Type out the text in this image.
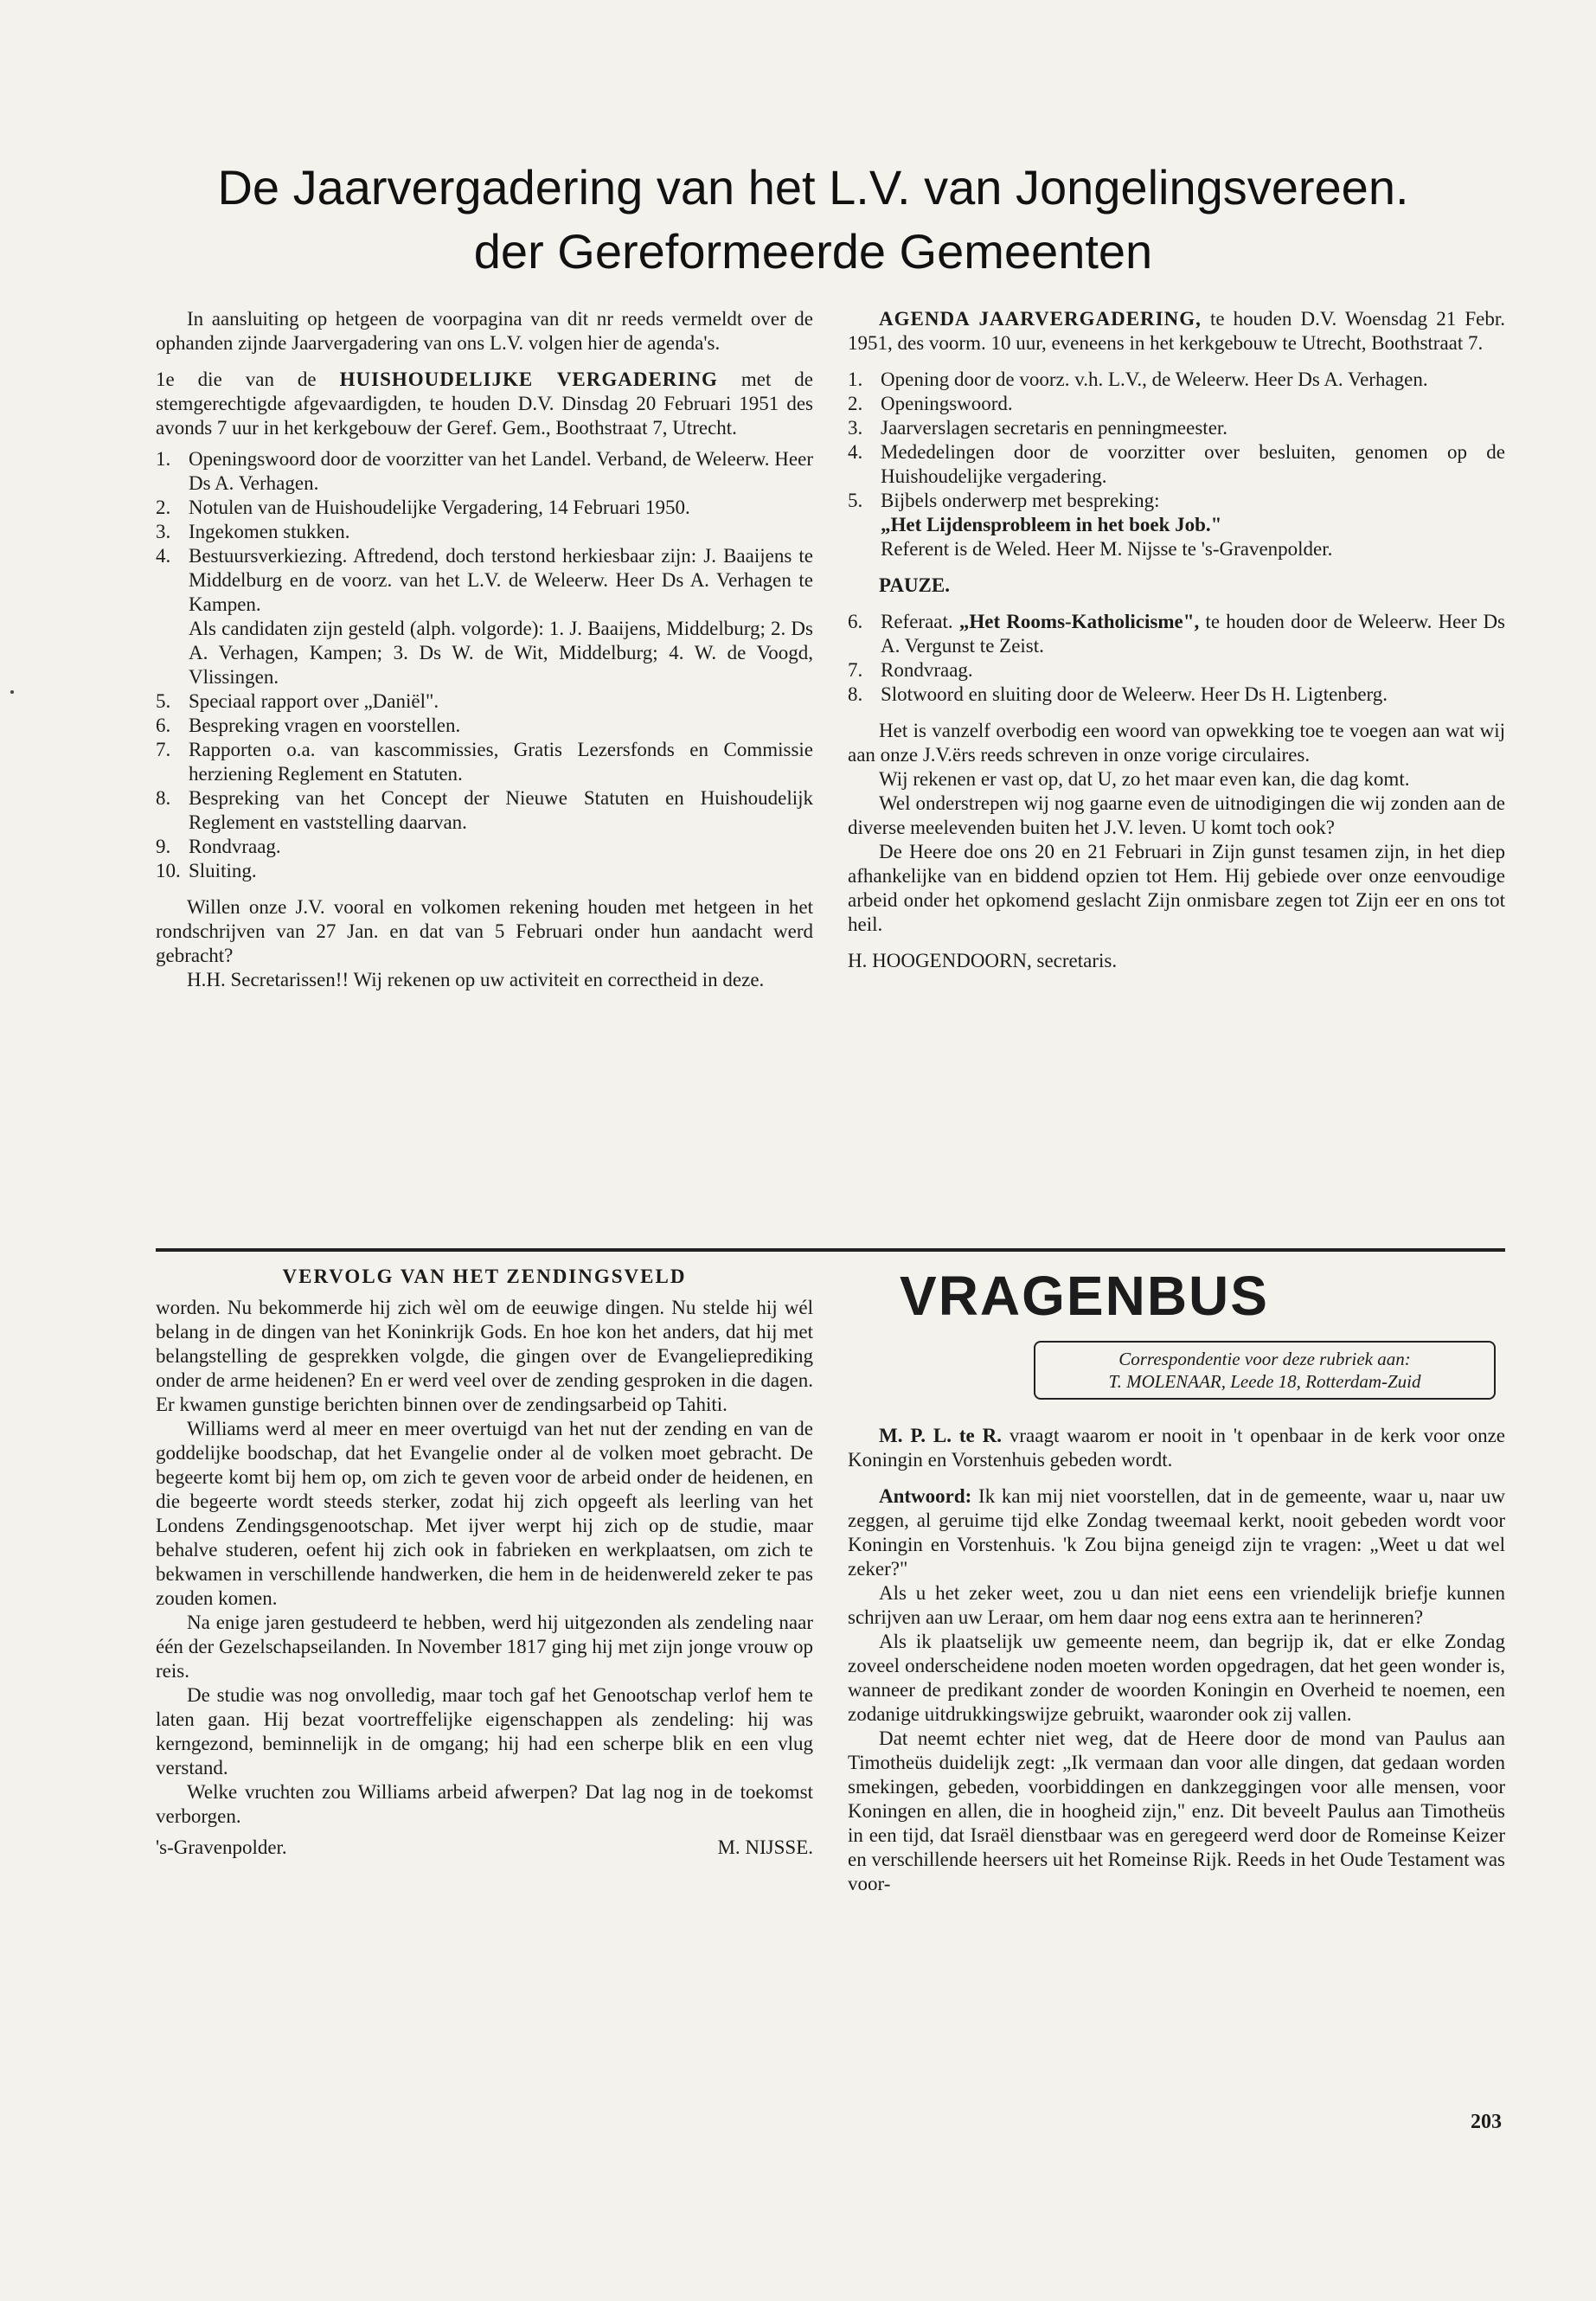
De Jaarvergadering van het L.V. van Jongelingsvereen.
der Gereformeerde Gemeenten

In aansluiting op hetgeen de voorpagina van dit nr reeds vermeldt over de ophanden zijnde Jaarvergadering van ons L.V. volgen hier de agenda's.

1e die van de HUISHOUDELIJKE VERGADERING met de stemgerechtigde afgevaardigden, te houden D.V. Dinsdag 20 Februari 1951 des avonds 7 uur in het kerkgebouw der Geref. Gem., Boothstraat 7, Utrecht.

1. Openingswoord door de voorzitter van het Landel. Verband, de Weleerw. Heer Ds A. Verhagen.
2. Notulen van de Huishoudelijke Vergadering, 14 Februari 1950.
3. Ingekomen stukken.
4. Bestuursverkiezing. Aftredend, doch terstond herkiesbaar zijn: J. Baaijens te Middelburg en de voorz. van het L.V. de Weleerw. Heer Ds A. Verhagen te Kampen.
Als candidaten zijn gesteld (alph. volgorde): 1. J. Baaijens, Middelburg; 2. Ds A. Verhagen, Kampen; 3. Ds W. de Wit, Middelburg; 4. W. de Voogd, Vlissingen.
5. Speciaal rapport over „Daniël".
6. Bespreking vragen en voorstellen.
7. Rapporten o.a. van kascommissies, Gratis Lezersfonds en Commissie herziening Reglement en Statuten.
8. Bespreking van het Concept der Nieuwe Statuten en Huishoudelijk Reglement en vaststelling daarvan.
9. Rondvraag.
10. Sluiting.

Willen onze J.V. vooral en volkomen rekening houden met hetgeen in het rondschrijven van 27 Jan. en dat van 5 Februari onder hun aandacht werd gebracht?

H.H. Secretarissen!! Wij rekenen op uw activiteit en correctheid in deze.

AGENDA JAARVERGADERING, te houden D.V. Woensdag 21 Febr. 1951, des voorm. 10 uur, eveneens in het kerkgebouw te Utrecht, Boothstraat 7.

1. Opening door de voorz. v.h. L.V., de Weleerw. Heer Ds A. Verhagen.
2. Openingswoord.
3. Jaarverslagen secretaris en penningmeester.
4. Mededelingen door de voorzitter over besluiten, genomen op de Huishoudelijke vergadering.
5. Bijbels onderwerp met bespreking:
„Het Lijdensprobleem in het boek Job."
Referent is de Weled. Heer M. Nijsse te 's-Gravenpolder.

PAUZE.

6. Referaat. „Het Rooms-Katholicisme", te houden door de Weleerw. Heer Ds A. Vergunst te Zeist.
7. Rondvraag.
8. Slotwoord en sluiting door de Weleerw. Heer Ds H. Ligtenberg.

Het is vanzelf overbodig een woord van opwekking toe te voegen aan wat wij aan onze J.V.ërs reeds schreven in onze vorige circulaires.

Wij rekenen er vast op, dat U, zo het maar even kan, die dag komt.

Wel onderstrepen wij nog gaarne even de uitnodigingen die wij zonden aan de diverse meelevenden buiten het J.V. leven. U komt toch ook?

De Heere doe ons 20 en 21 Februari in Zijn gunst tesamen zijn, in het diep afhankelijke van en biddend opzien tot Hem. Hij gebiede over onze eenvoudige arbeid onder het opkomend geslacht Zijn onmisbare zegen tot Zijn eer en ons tot heil.

H. HOOGENDOORN, secretaris.

VERVOLG VAN HET ZENDINGSVELD

worden. Nu bekommerde hij zich wèl om de eeuwige dingen. Nu stelde hij wél belang in de dingen van het Koninkrijk Gods. En hoe kon het anders, dat hij met belangstelling de gesprekken volgde, die gingen over de Evangelieprediking onder de arme heidenen? En er werd veel over de zending gesproken in die dagen. Er kwamen gunstige berichten binnen over de zendingsarbeid op Tahiti.

Williams werd al meer en meer overtuigd van het nut der zending en van de goddelijke boodschap, dat het Evangelie onder al de volken moet gebracht. De begeerte komt bij hem op, om zich te geven voor de arbeid onder de heidenen, en die begeerte wordt steeds sterker, zodat hij zich opgeeft als leerling van het Londens Zendingsgenootschap. Met ijver werpt hij zich op de studie, maar behalve studeren, oefent hij zich ook in fabrieken en werkplaatsen, om zich te bekwamen in verschillende handwerken, die hem in de heidenwereld zeker te pas zouden komen.

Na enige jaren gestudeerd te hebben, werd hij uitgezonden als zendeling naar één der Gezelschapseilanden. In November 1817 ging hij met zijn jonge vrouw op reis.

De studie was nog onvolledig, maar toch gaf het Genootschap verlof hem te laten gaan. Hij bezat voortreffelijke eigenschappen als zendeling: hij was kerngezond, beminnelijk in de omgang; hij had een scherpe blik en een vlug verstand.

Welke vruchten zou Williams arbeid afwerpen? Dat lag nog in de toekomst verborgen.

's-Gravenpolder.	M. NIJSSE.
VRAGENBUS
Correspondentie voor deze rubriek aan:
T. MOLENAAR, Leede 18, Rotterdam-Zuid

M. P. L. te R. vraagt waarom er nooit in 't openbaar in de kerk voor onze Koningin en Vorstenhuis gebeden wordt.

Antwoord: Ik kan mij niet voorstellen, dat in de gemeente, waar u, naar uw zeggen, al geruime tijd elke Zondag tweemaal kerkt, nooit gebeden wordt voor Koningin en Vorstenhuis. 'k Zou bijna geneigd zijn te vragen: „Weet u dat wel zeker?"

Als u het zeker weet, zou u dan niet eens een vriendelijk briefje kunnen schrijven aan uw Leraar, om hem daar nog eens extra aan te herinneren?

Als ik plaatselijk uw gemeente neem, dan begrijp ik, dat er elke Zondag zoveel onderscheidene noden moeten worden opgedragen, dat het geen wonder is, wanneer de predikant zonder de woorden Koningin en Overheid te noemen, een zodanige uitdrukkingswijze gebruikt, waaronder ook zij vallen.

Dat neemt echter niet weg, dat de Heere door de mond van Paulus aan Timotheüs duidelijk zegt: „Ik vermaan dan voor alle dingen, dat gedaan worden smekingen, gebeden, voorbiddingen en dankzeggingen voor alle mensen, voor Koningen en allen, die in hoogheid zijn," enz. Dit beveelt Paulus aan Timotheüs in een tijd, dat Israël dienstbaar was en geregeerd werd door de Romeinse Keizer en verschillende heersers uit het Romeinse Rijk. Reeds in het Oude Testament was voor-

203
